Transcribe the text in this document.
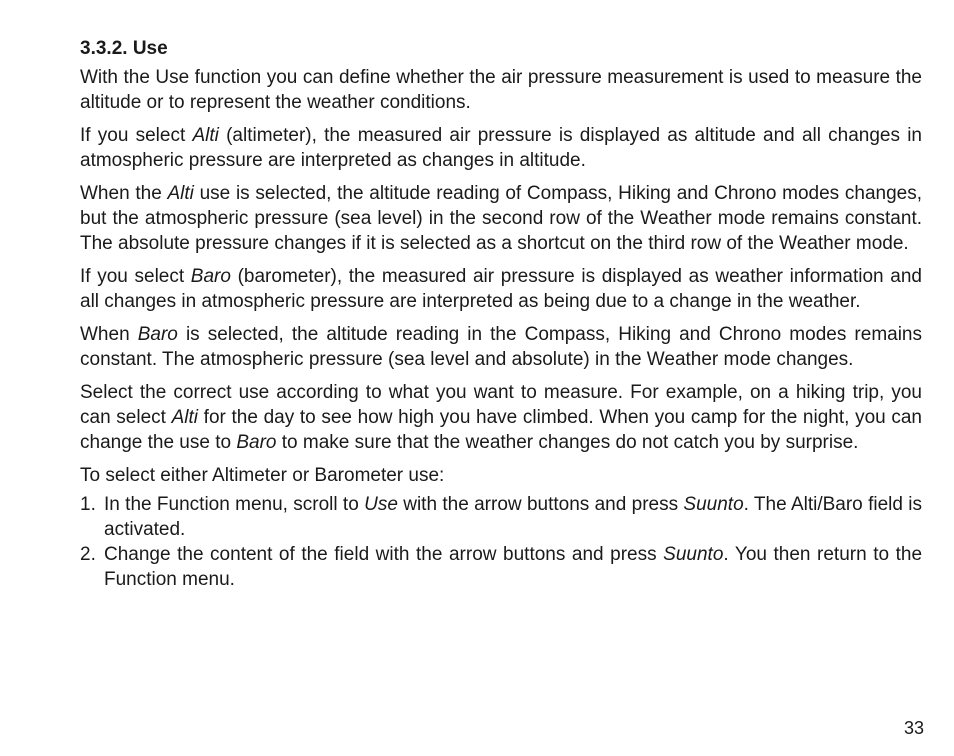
3.3.2. Use

With the Use function you can define whether the air pressure measurement is used to measure the altitude or to represent the weather conditions.

If you select Alti (altimeter), the measured air pressure is displayed as altitude and all changes in atmospheric pressure are interpreted as changes in altitude.

When the Alti use is selected, the altitude reading of Compass, Hiking and Chrono modes changes, but the atmospheric pressure (sea level) in the second row of the Weather mode remains constant. The absolute pressure changes if it is selected as a shortcut on the third row of the Weather mode.

If you select Baro (barometer), the measured air pressure is displayed as weather information and all changes in atmospheric pressure are interpreted as being due to a change in the weather.

When Baro is selected, the altitude reading in the Compass, Hiking and Chrono modes remains constant. The atmospheric pressure (sea level and absolute) in the Weather mode changes.

Select the correct use according to what you want to measure. For example, on a hiking trip, you can select Alti for the day to see how high you have climbed. When you camp for the night, you can change the use to Baro to make sure that the weather changes do not catch you by surprise.

To select either Altimeter or Barometer use:

1. In the Function menu, scroll to Use with the arrow buttons and press Suunto. The Alti/Baro field is activated.
2. Change the content of the field with the arrow buttons and press Suunto. You then return to the Function menu.
33
